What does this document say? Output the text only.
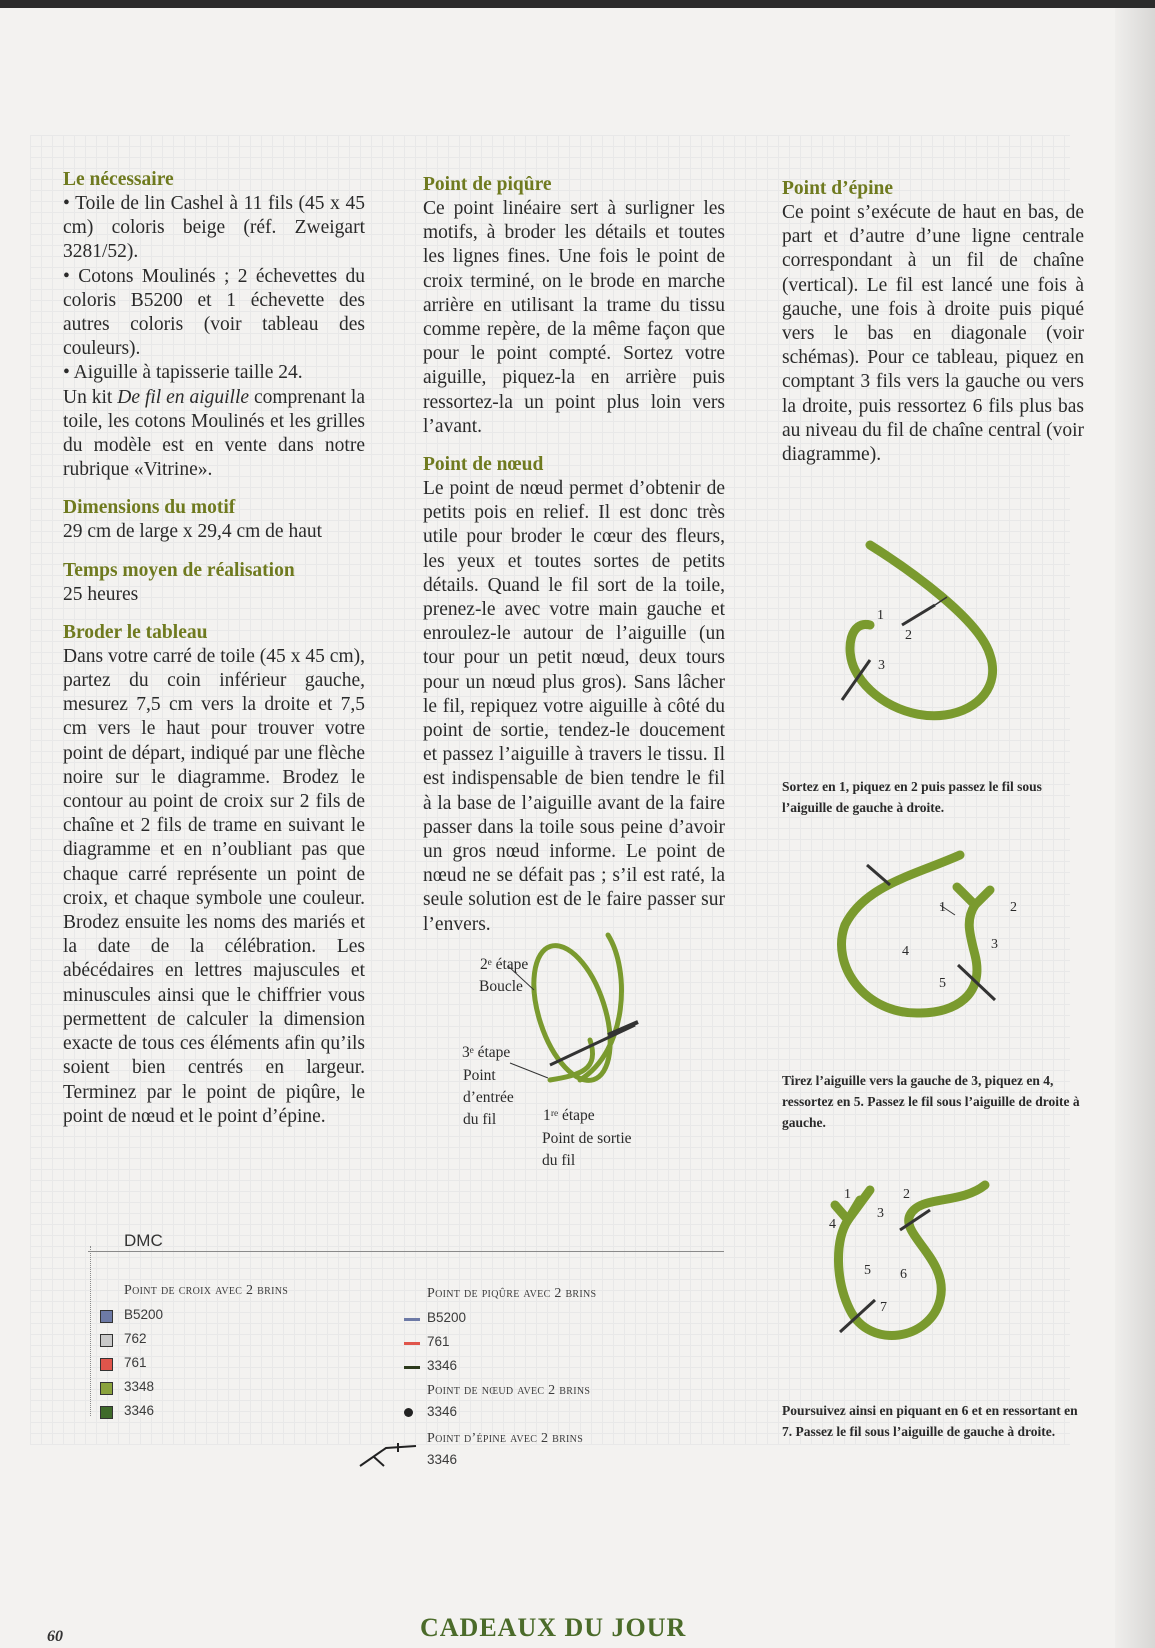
Le nécessaire
• Toile de lin Cashel à 11 fils (45 x 45 cm) coloris beige (réf. Zweigart 3281/52).
• Cotons Moulinés ; 2 échevettes du coloris B5200 et 1 échevette des autres coloris (voir tableau des couleurs).
• Aiguille à tapisserie taille 24.
Un kit De fil en aiguille comprenant la toile, les cotons Moulinés et les grilles du modèle est en vente dans notre rubrique «Vitrine».
Dimensions du motif
29 cm de large x 29,4 cm de haut
Temps moyen de réalisation
25 heures
Broder le tableau
Dans votre carré de toile (45 x 45 cm), partez du coin inférieur gauche, mesurez 7,5 cm vers la droite et 7,5 cm vers le haut pour trouver votre point de départ, indiqué par une flèche noire sur le diagramme. Brodez le contour au point de croix sur 2 fils de chaîne et 2 fils de trame en suivant le diagramme et en n’oubliant pas que chaque carré représente un point de croix, et chaque symbole une couleur. Brodez ensuite les noms des mariés et la date de la célébration. Les abécédaires en lettres majuscules et minuscules ainsi que le chiffrier vous permettent de calculer la dimension exacte de tous ces éléments afin qu’ils soient bien centrés en largeur. Terminez par le point de piqûre, le point de nœud et le point d’épine.
Point de piqûre
Ce point linéaire sert à surligner les motifs, à broder les détails et toutes les lignes fines. Une fois le point de croix terminé, on le brode en marche arrière en utilisant la trame du tissu comme repère, de la même façon que pour le point compté. Sortez votre aiguille, piquez-la en arrière puis ressortez-la un point plus loin vers l’avant.
Point de nœud
Le point de nœud permet d’obtenir de petits pois en relief. Il est donc très utile pour broder le cœur des fleurs, les yeux et toutes sortes de petits détails. Quand le fil sort de la toile, prenez-le avec votre main gauche et enroulez-le autour de l’aiguille (un tour pour un petit nœud, deux tours pour un nœud plus gros). Sans lâcher le fil, repiquez votre aiguille à côté du point de sortie, tendez-le doucement et passez l’aiguille à travers le tissu. Il est indispensable de bien tendre le fil à la base de l’aiguille avant de la faire passer dans la toile sous peine d’avoir un gros nœud informe. Le point de nœud ne se défait pas ; s’il est raté, la seule solution est de le faire passer sur l’envers.
Point d’épine
Ce point s’exécute de haut en bas, de part et d’autre d’une ligne centrale correspondant à un fil de chaîne (vertical). Le fil est lancé une fois à gauche, une fois à droite puis piqué vers le bas en diagonale (voir schémas). Pour ce tableau, piquez en comptant 3 fils vers la gauche ou vers la droite, puis ressortez 6 fils plus bas au niveau du fil de chaîne central (voir diagramme).
2ᵉ étape
Boucle
3ᵉ étape
Point
d’entrée
du fil	1ʳᵉ étape
Point de sortie
du fil
1
2
3
Sortez en 1, piquez en 2 puis passez le fil sous l’aiguille de gauche à droite.
1	2
3
4
5
Tirez l’aiguille vers la gauche de 3, piquez en 4, ressortez en 5. Passez le fil sous l’aiguille de droite à gauche.
1	2
3
4
5 6
7
Poursuivez ainsi en piquant en 6 et en ressortant en 7. Passez le fil sous l’aiguille de gauche à droite.
DMC
Point de croix avec 2 brins
B5200
762
761
3348
3346
Point de piqûre avec 2 brins
B5200
761
3346
Point de nœud avec 2 brins
3346
Point d’épine avec 2 brins
3346
60	CADEAUX DU JOUR
